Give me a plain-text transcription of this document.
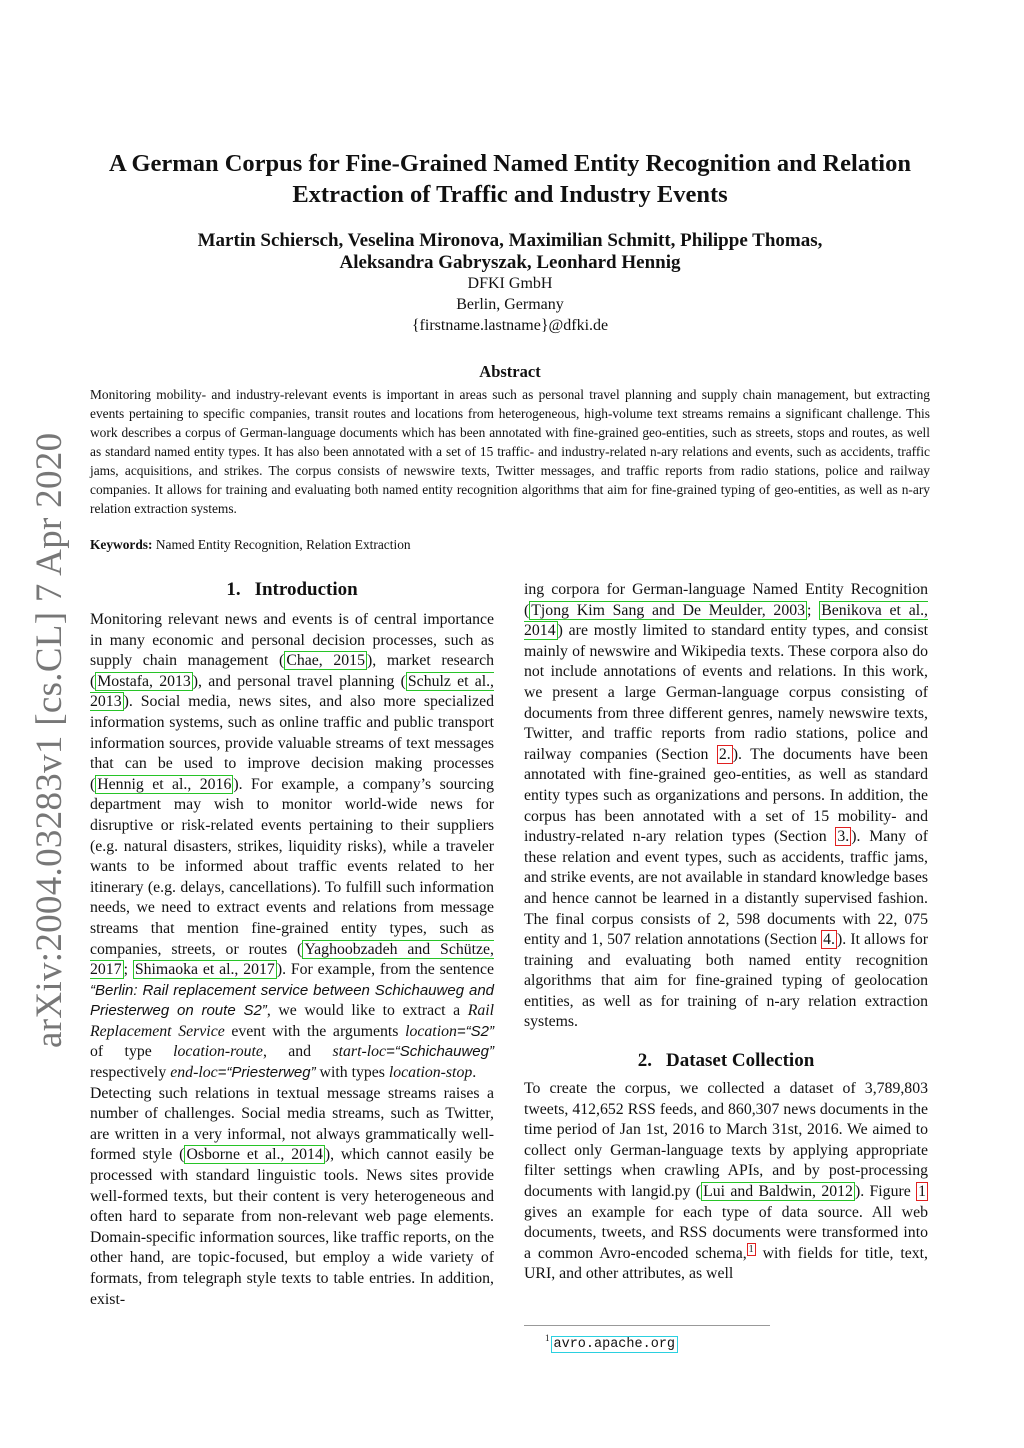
arXiv:2004.03283v1 [cs.CL] 7 Apr 2020
A German Corpus for Fine-Grained Named Entity Recognition and Relation
Extraction of Traffic and Industry Events
Martin Schiersch, Veselina Mironova, Maximilian Schmitt, Philippe Thomas,
Aleksandra Gabryszak, Leonhard Hennig
DFKI GmbH
Berlin, Germany
{firstname.lastname}@dfki.de
Abstract
Monitoring mobility- and industry-relevant events is important in areas such as personal travel planning and supply chain management, but extracting events pertaining to specific companies, transit routes and locations from heterogeneous, high-volume text streams remains a significant challenge. This work describes a corpus of German-language documents which has been annotated with fine-grained geo-entities, such as streets, stops and routes, as well as standard named entity types. It has also been annotated with a set of 15 traffic- and industry-related n-ary relations and events, such as accidents, traffic jams, acquisitions, and strikes. The corpus consists of newswire texts, Twitter messages, and traffic reports from radio stations, police and railway companies. It allows for training and evaluating both named entity recognition algorithms that aim for fine-grained typing of geo-entities, as well as n-ary relation extraction systems.
Keywords: Named Entity Recognition, Relation Extraction
1. Introduction

Monitoring relevant news and events is of central importance in many economic and personal decision processes, such as supply chain management ( Chae, 2015 ), market research ( Mostafa, 2013 ), and personal travel planning ( Schulz et al., 2013 ). Social media, news sites, and also more specialized information systems, such as online traffic and public transport information sources, provide valuable streams of text messages that can be used to improve decision making processes ( Hennig et al., 2016 ). For example, a company’s sourcing department may wish to monitor world-wide news for disruptive or risk-related events pertaining to their suppliers (e.g. natural disasters, strikes, liquidity risks), while a traveler wants to be informed about traffic events related to her itinerary (e.g. delays, cancellations). To fulfill such information needs, we need to extract events and relations from message streams that mention fine-grained entity types, such as companies, streets, or routes ( Yaghoobzadeh and Schütze, 2017 ; Shimaoka et al., 2017 ). For example, from the sentence “Berlin: Rail replacement service between Schichauweg and Priesterweg on route S2”, we would like to extract a Rail Replacement Service event with the arguments location=“S2” of type location-route, and start-loc=“Schichauweg” respectively end-loc=“Priesterweg” with types location-stop.

Detecting such relations in textual message streams raises a number of challenges. Social media streams, such as Twitter, are written in a very informal, not always grammatically well-formed style ( Osborne et al., 2014 ), which cannot easily be processed with standard linguistic tools. News sites provide well-formed texts, but their content is very heterogeneous and often hard to separate from non-relevant web page elements. Domain-specific information sources, like traffic reports, on the other hand, are topic-focused, but employ a wide variety of formats, from telegraph style texts to table entries. In addition, exist-

ing corpora for German-language Named Entity Recognition ( Tjong Kim Sang and De Meulder, 2003 ; Benikova et al., 2014 ) are mostly limited to standard entity types, and consist mainly of newswire and Wikipedia texts. These corpora also do not include annotations of events and relations. In this work, we present a large German-language corpus consisting of documents from three different genres, namely newswire texts, Twitter, and traffic reports from radio stations, police and railway companies (Section 2. ). The documents have been annotated with fine-grained geo-entities, as well as standard entity types such as organizations and persons. In addition, the corpus has been annotated with a set of 15 mobility- and industry-related n-ary relation types (Section 3. ). Many of these relation and event types, such as accidents, traffic jams, and strike events, are not available in standard knowledge bases and hence cannot be learned in a distantly supervised fashion. The final corpus consists of 2, 598 documents with 22, 075 entity and 1, 507 relation annotations (Section 4. ). It allows for training and evaluating both named entity recognition algorithms that aim for fine-grained typing of geolocation entities, as well as for training of n-ary relation extraction systems.

2. Dataset Collection

To create the corpus, we collected a dataset of 3,789,803 tweets, 412,652 RSS feeds, and 860,307 news documents in the time period of Jan 1st, 2016 to March 31st, 2016. We aimed to collect only German-language texts by applying appropriate filter settings when crawling APIs, and by post-processing documents with langid.py ( Lui and Baldwin, 2012 ). Figure 1 gives an example for each type of data source. All web documents, tweets, and RSS documents were transformed into a common Avro-encoded schema, $^1$ with fields for title, text, URI, and other attributes, as well

$^1$ avro.apache.org
